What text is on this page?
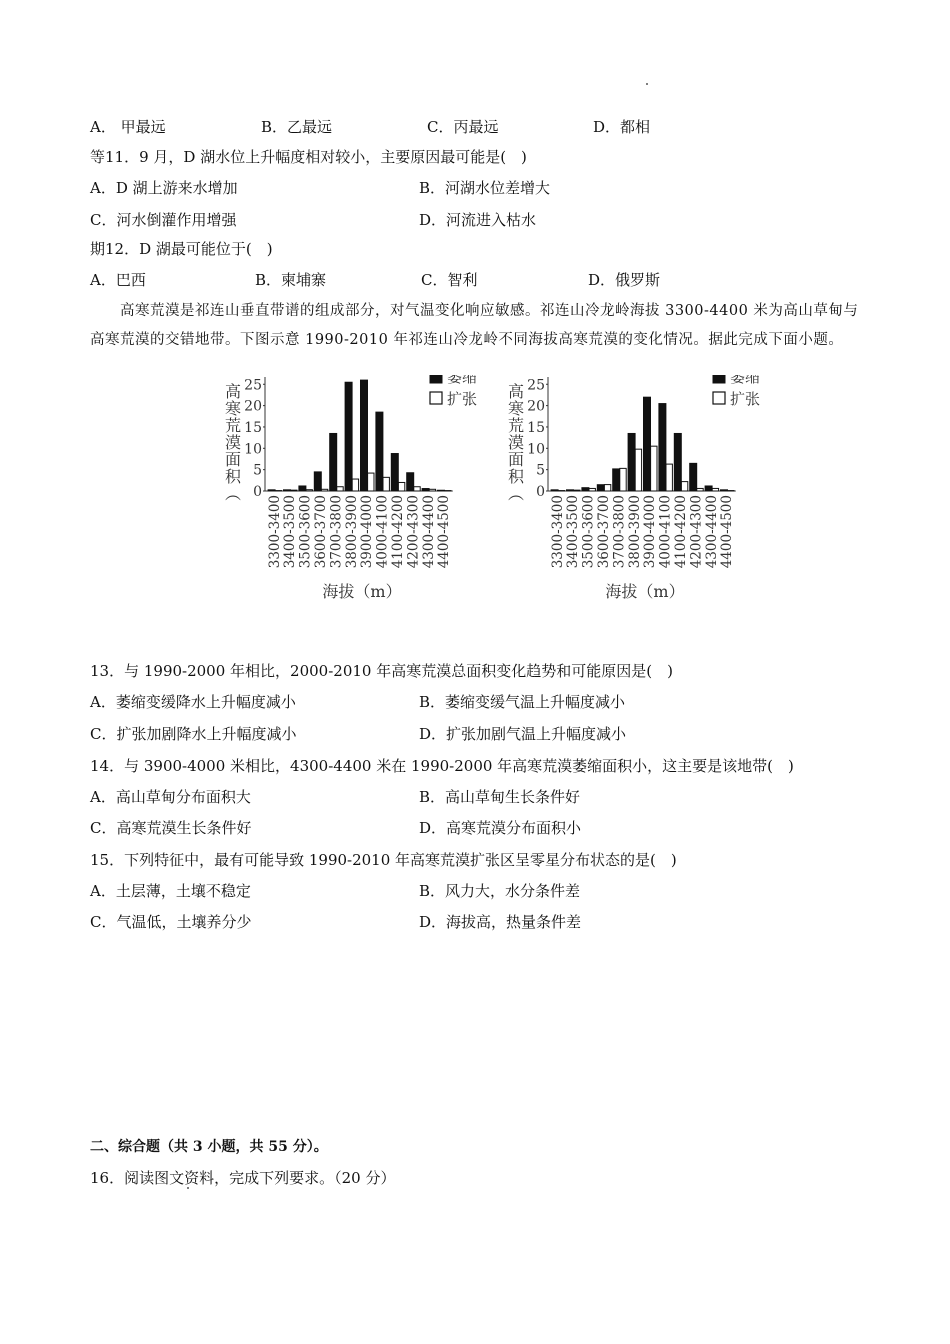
A． 甲最远	B．乙最远	C．丙最远	D．都相
等11．9 月，D 湖水位上升幅度相对较小，主要原因最可能是(　)
A．D 湖上游来水增加	B．河湖水位差增大
C．河水倒灌作用增强	D．河流进入枯水
期12．D 湖最可能位于(　)
A．巴西	B．柬埔寨	C．智利	D．俄罗斯
高寒荒漠是祁连山垂直带谱的组成部分，对气温变化响应敏感。祁连山冷龙岭海拔 3300-4400 米为高山草甸与高寒荒漠的交错地带。下图示意 1990-2010 年祁连山冷龙岭不同海拔高寒荒漠的变化情况。据此完成下面小题。
高寒荒漠面积（ 0
5
10
15
20
25
3300-3400 3400-3500 3500-3600 3600-3700 3700-3800 3800-3900 3900-4000 4000-4100 4100-4200 4200-4300 4300-4400 4400-4500
萎缩
扩张
海拔（m）
高寒荒漠面积（ 0
5
10
15
20
25
3300-3400 3400-3500 3500-3600 3600-3700 3700-3800 3800-3900 3900-4000 4000-4100 4100-4200 4200-4300 4300-4400 4400-4500
萎缩
扩张
海拔（m）
13．与 1990-2000 年相比，2000-2010 年高寒荒漠总面积变化趋势和可能原因是(　)
A．萎缩变缓降水上升幅度减小	B．萎缩变缓气温上升幅度减小
C．扩张加剧降水上升幅度减小	D．扩张加剧气温上升幅度减小
14．与 3900-4000 米相比，4300-4400 米在 1990-2000 年高寒荒漠萎缩面积小，这主要是该地带(　)
A．高山草甸分布面积大	B．高山草甸生长条件好
C．高寒荒漠生长条件好	D．高寒荒漠分布面积小
15．下列特征中，最有可能导致 1990-2010 年高寒荒漠扩张区呈零星分布状态的是(　)
A．土层薄，土壤不稳定	B．风力大，水分条件差
C．气温低，土壤养分少	D．海拔高，热量条件差
二、综合题（共 3 小题，共 55 分）。
16．阅读图文资料，完成下列要求。（20 分）
